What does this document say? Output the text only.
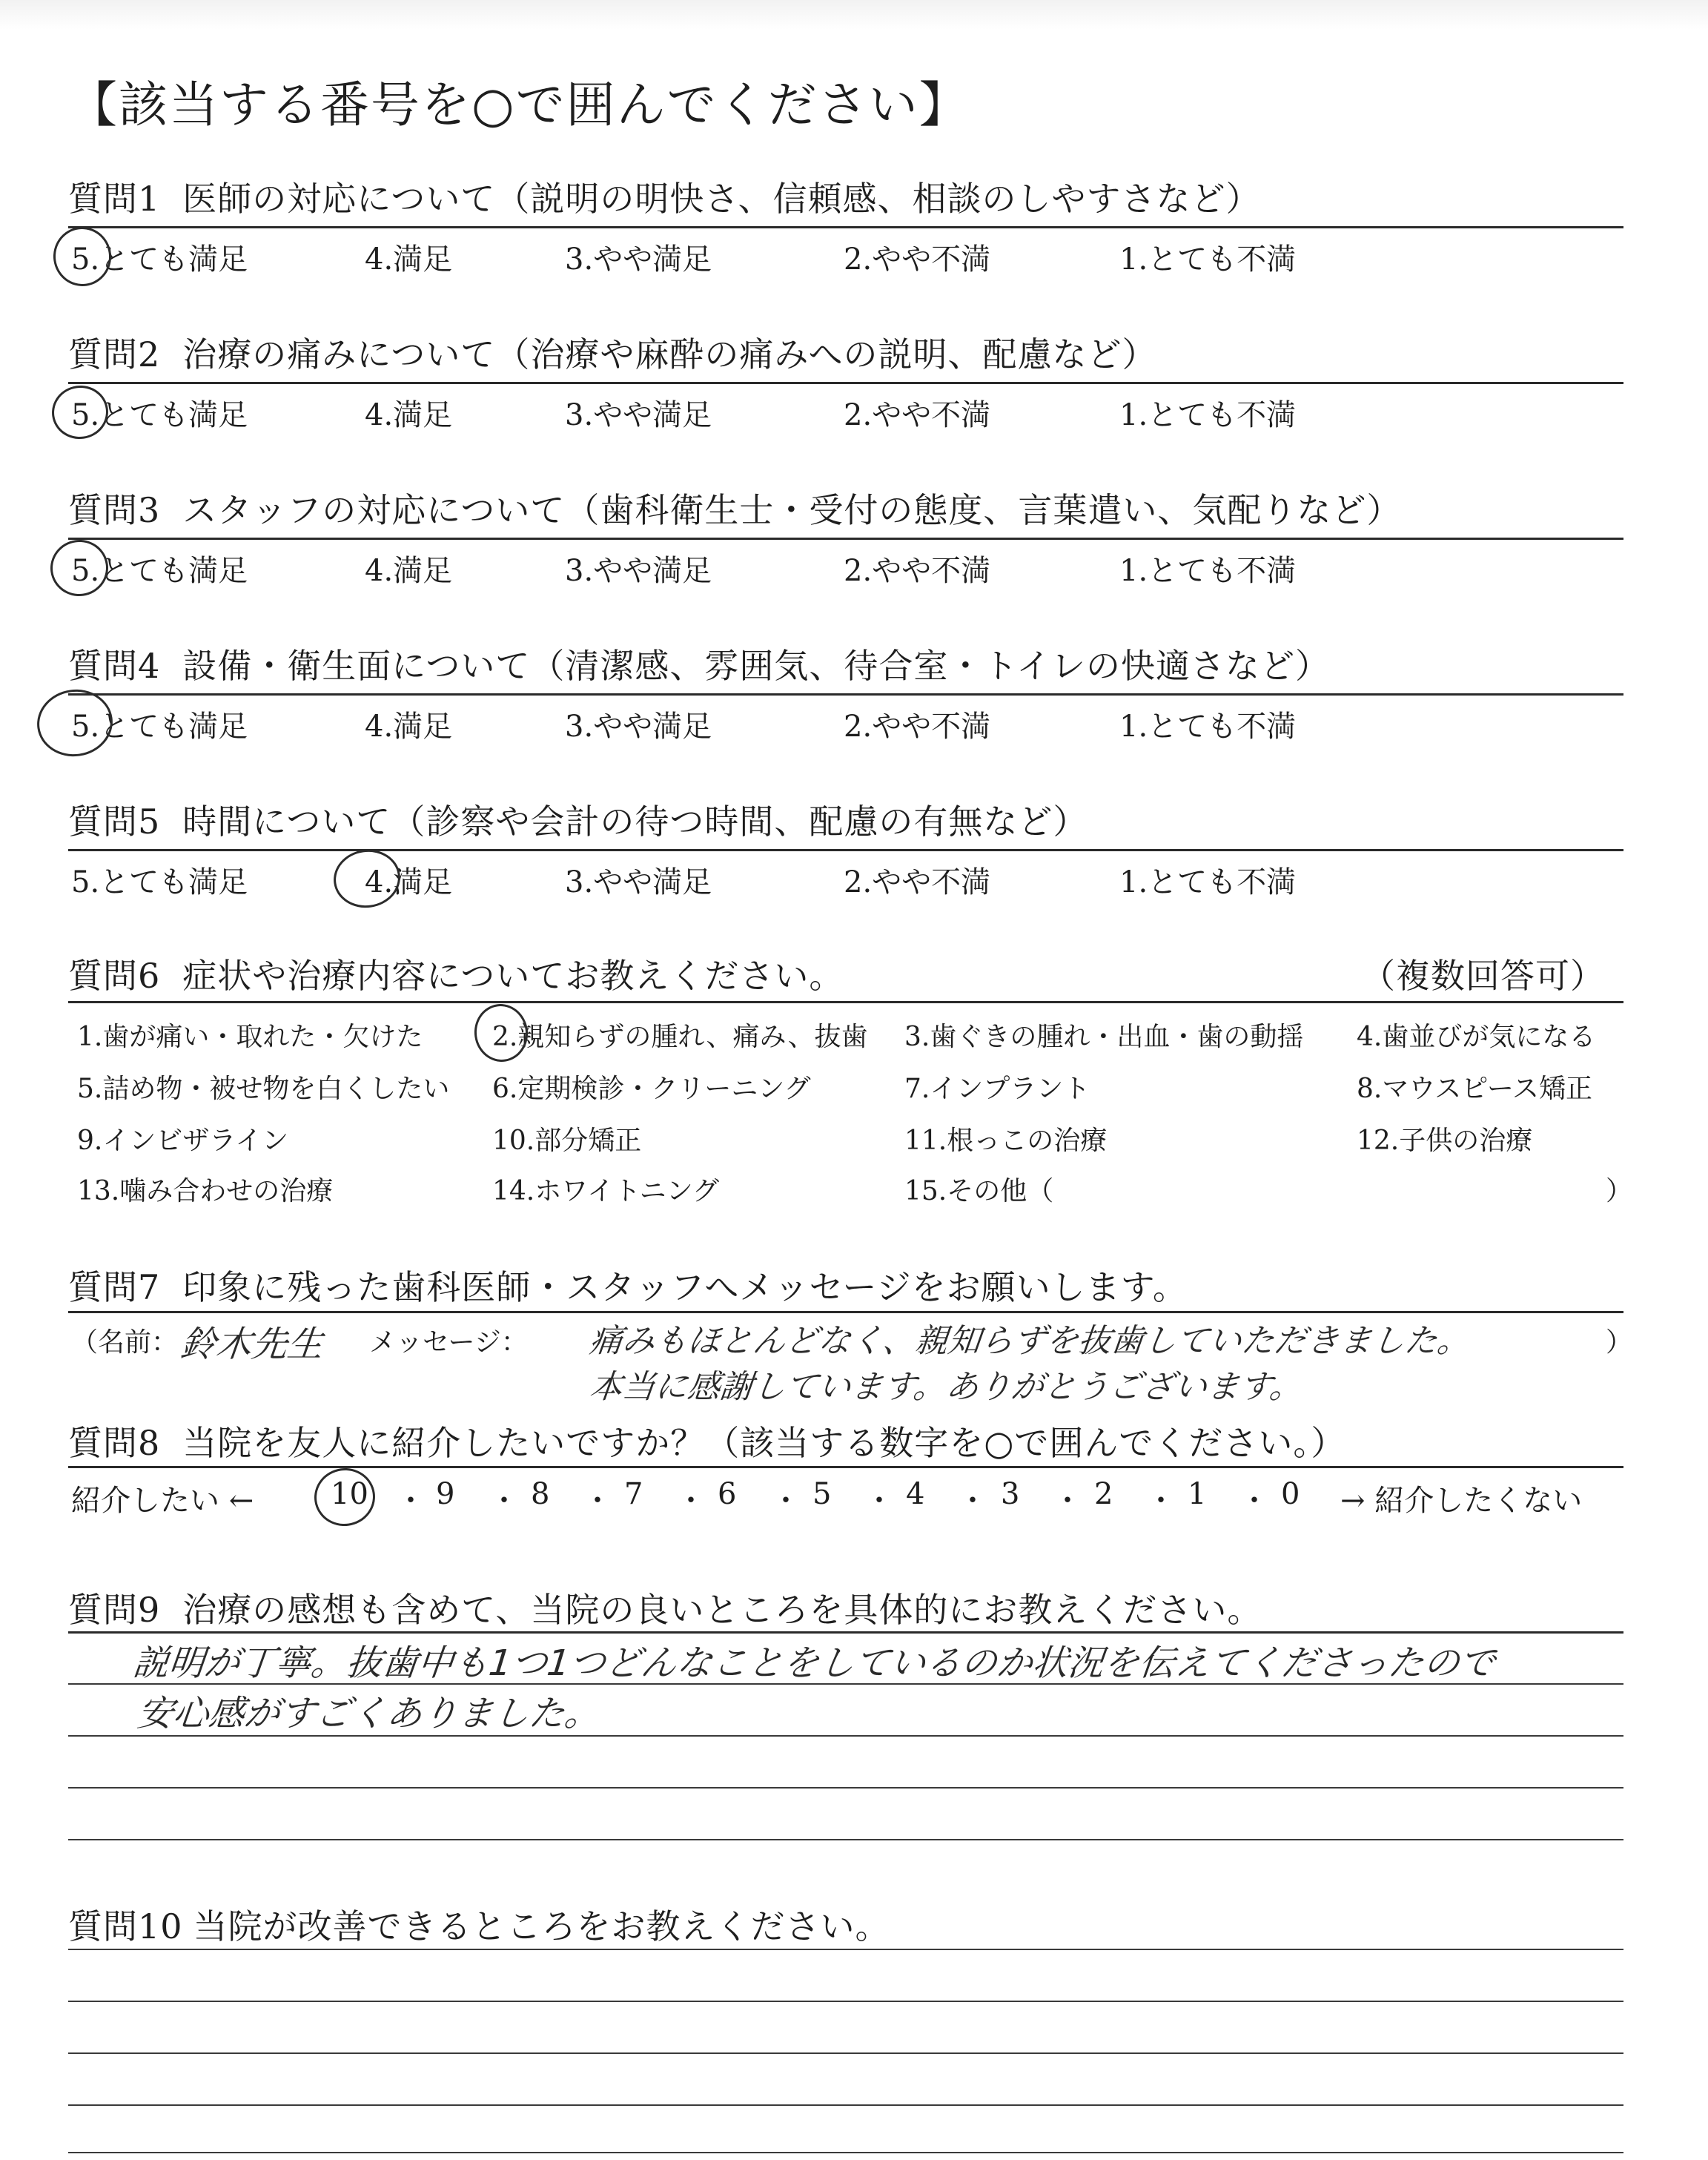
【該当する番号を○で囲んでください】
質問1 医師の対応について（説明の明快さ、信頼感、相談のしやすさなど）
5.とても満足	4.満足	3.やや満足	2.やや不満	1.とても不満
質問2 治療の痛みについて（治療や麻酔の痛みへの説明、配慮など）
5.とても満足	4.満足	3.やや満足	2.やや不満	1.とても不満
質問3 スタッフの対応について（歯科衛生士・受付の態度、言葉遣い、気配りなど）
5.とても満足	4.満足	3.やや満足	2.やや不満	1.とても不満
質問4 設備・衛生面について（清潔感、雰囲気、待合室・トイレの快適さなど）
5.とても満足	4.満足	3.やや満足	2.やや不満	1.とても不満
質問5 時間について（診察や会計の待つ時間、配慮の有無など）
5.とても満足	4.満足	3.やや満足	2.やや不満	1.とても不満
質問6 症状や治療内容についてお教えください。	（複数回答可）
1.歯が痛い・取れた・欠けた	2.親知らずの腫れ、痛み、抜歯 3.歯ぐきの腫れ・出血・歯の動揺 4.歯並びが気になる
5.詰め物・被せ物を白くしたい 6.定期検診・クリーニング	7.インプラント	8.マウスピース矯正
9.インビザライン	10.部分矯正	11.根っこの治療	12.子供の治療
13.噛み合わせの治療	14.ホワイトニング	15.その他（	）
質問7 印象に残った歯科医師・スタッフへメッセージをお願いします。
（名前： 鈴木先生 メッセージ： 痛みもほとんどなく、親知らずを抜歯していただきました。
本当に感謝しています。ありがとうございます。
）
質問8 当院を友人に紹介したいですか？（該当する数字を○で囲んでください。）
紹介したい ←	10 9	8	7	6	5	4	3	2	1	0 → 紹介したくない
・ ・ ・ ・ ・ ・ ・ ・ ・ ・
質問9 治療の感想も含めて、当院の良いところを具体的にお教えください。
説明が丁寧。抜歯中も1つ1つどんなことをしているのか状況を伝えてくださったので
安心感がすごくありました。
質問10 当院が改善できるところをお教えください。
